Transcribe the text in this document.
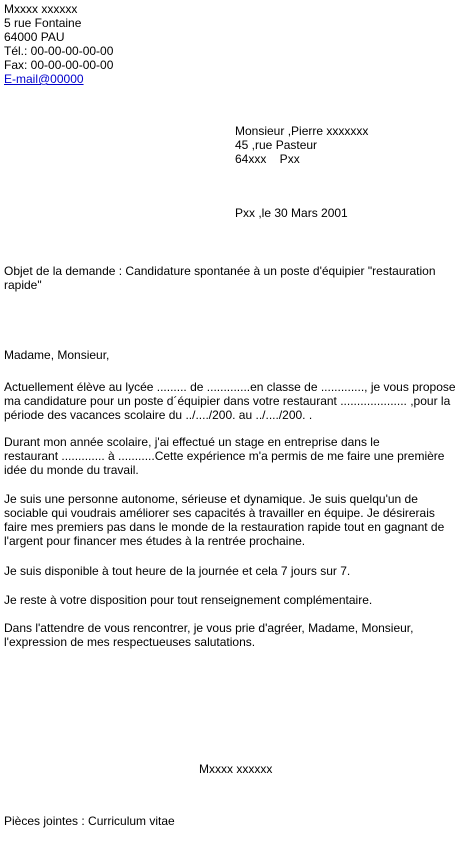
Mxxxx xxxxxx
5 rue Fontaine
64000 PAU
Tél.: 00-00-00-00-00
Fax: 00-00-00-00-00
E-mail@00000
Monsieur ,Pierre xxxxxxx
45 ,rue Pasteur
64xxx    Pxx
Pxx ,le 30 Mars 2001
Objet de la demande : Candidature spontanée à un poste d'équipier "restauration
rapide"
Madame, Monsieur,
Actuellement élève au lycée ......... de .............en classe de ............., je vous propose
ma candidature pour un poste d´équipier dans votre restaurant .................... ,pour la
période des vacances scolaire du ../..../200. au ../..../200. .
Durant mon année scolaire, j'ai effectué un stage en entreprise dans le
restaurant ............. à ...........Cette expérience m'a permis de me faire une première
idée du monde du travail.
Je suis une personne autonome, sérieuse et dynamique. Je suis quelqu'un de
sociable qui voudrais améliorer ses capacités à travailler en équipe. Je désirerais
faire mes premiers pas dans le monde de la restauration rapide tout en gagnant de
l'argent pour financer mes études à la rentrée prochaine.
Je suis disponible à tout heure de la journée et cela 7 jours sur 7.
Je reste à votre disposition pour tout renseignement complémentaire.
Dans l'attendre de vous rencontrer, je vous prie d'agréer, Madame, Monsieur,
l'expression de mes respectueuses salutations.
Mxxxx xxxxxx
Pièces jointes : Curriculum vitae
